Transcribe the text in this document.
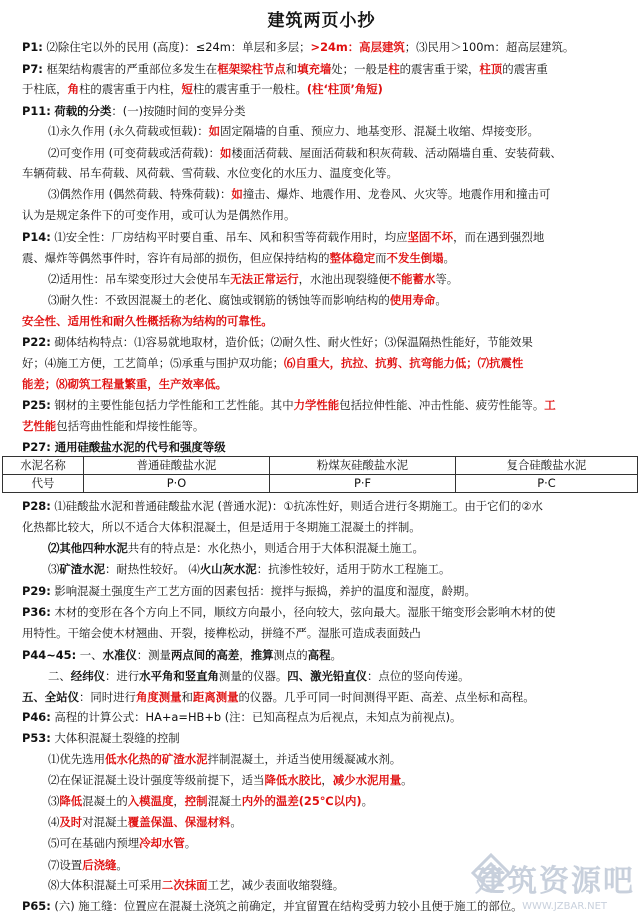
建筑两页小抄
P1: ⑵除住宅以外的民用 (高度)：≤24m：单层和多层；>24m：高层建筑；⑶民用＞100m：超高层建筑。
P7: 框架结构震害的严重部位多发生在框架梁柱节点和填充墙处；一般是柱的震害重于梁，柱顶的震害重
于柱底，角柱的震害重于内柱，短柱的震害重于一般柱。(柱‘柱顶’角短)
P11: 荷载的分类：(一)按随时间的变异分类
⑴永久作用 (永久荷载或恒载)：如固定隔墙的自重、预应力、地基变形、混凝土收缩、焊接变形。
⑵可变作用 (可变荷载或活荷载)：如楼面活荷载、屋面活荷载和积灰荷载、活动隔墙自重、安装荷载、
车辆荷载、吊车荷载、风荷载、雪荷载、水位变化的水压力、温度变化等。
⑶偶然作用 (偶然荷载、特殊荷载)：如撞击、爆炸、地震作用、龙卷风、火灾等。地震作用和撞击可
认为是规定条件下的可变作用，或可认为是偶然作用。
P14: ⑴安全性：厂房结构平时要自重、吊车、风和积雪等荷载作用时，均应坚固不坏，而在遇到强烈地
震、爆炸等偶然事件时，容许有局部的损伤，但应保持结构的整体稳定而不发生倒塌。
⑵适用性：吊车梁变形过大会使吊车无法正常运行，水池出现裂缝便不能蓄水等。
⑶耐久性：不致因混凝土的老化、腐蚀或钢筋的锈蚀等而影响结构的使用寿命。
安全性、适用性和耐久性概括称为结构的可靠性。
P22: 砌体结构特点：⑴容易就地取材，造价低；⑵耐久性、耐火性好；⑶保温隔热性能好，节能效果
好；⑷施工方便，工艺简单；⑸承重与围护双功能；⑹自重大，抗拉、抗剪、抗弯能力低；⑺抗震性
能差；⑻砌筑工程量繁重，生产效率低。
P25: 钢材的主要性能包括力学性能和工艺性能。其中力学性能包括拉伸性能、冲击性能、疲劳性能等。工
艺性能包括弯曲性能和焊接性能等。
P27: 通用硅酸盐水泥的代号和强度等级
P28: ⑴硅酸盐水泥和普通硅酸盐水泥 (普通水泥)：①抗冻性好，则适合进行冬期施工。由于它们的②水
化热都比较大，所以不适合大体积混凝土，但是适用于冬期施工混凝土的拌制。
⑵其他四种水泥共有的特点是：水化热小，则适合用于大体积混凝土施工。
⑶矿渣水泥：耐热性较好。 ⑷火山灰水泥：抗渗性较好，适用于防水工程施工。
P29: 影响混凝土强度生产工艺方面的因素包括：搅拌与振捣，养护的温度和湿度，龄期。
P36: 木材的变形在各个方向上不同，顺纹方向最小，径向较大，弦向最大。湿胀干缩变形会影响木材的使
用特性。干缩会使木材翘曲、开裂，接榫松动，拼缝不严。湿胀可造成表面鼓凸
P44~45: 一、水准仪：测量两点间的高差，推算测点的高程。
二、经纬仪：进行水平角和竖直角测量的仪器。四、激光铅直仪：点位的竖向传递。
五、全站仪：同时进行角度测量和距离测量的仪器。几乎可同一时间测得平距、高差、点坐标和高程。
P46: 高程的计算公式：HA+a=HB+b (注：已知高程点为后视点，未知点为前视点)。
P53: 大体积混凝土裂缝的控制
⑴优先选用低水化热的矿渣水泥拌制混凝土，并适当使用缓凝减水剂。
⑵在保证混凝土设计强度等级前提下，适当降低水胶比，减少水泥用量。
⑶降低混凝土的入模温度，控制混凝土内外的温差(25℃以内)。
⑷及时对混凝土覆盖保温、保湿材料。
⑸可在基础内预埋冷却水管。
⑺设置后浇缝。
⑻大体积混凝土可采用二次抹面工艺，减少表面收缩裂缝。
P65: (六) 施工缝：位置应在混凝土浇筑之前确定，并宜留置在结构受剪力较小且便于施工的部位。
水泥名称	普通硅酸盐水泥	粉煤灰硅酸盐水泥	复合硅酸盐水泥
代号	P·O	P·F	P·C
建筑资源吧
WWW.JZBAR.NET
